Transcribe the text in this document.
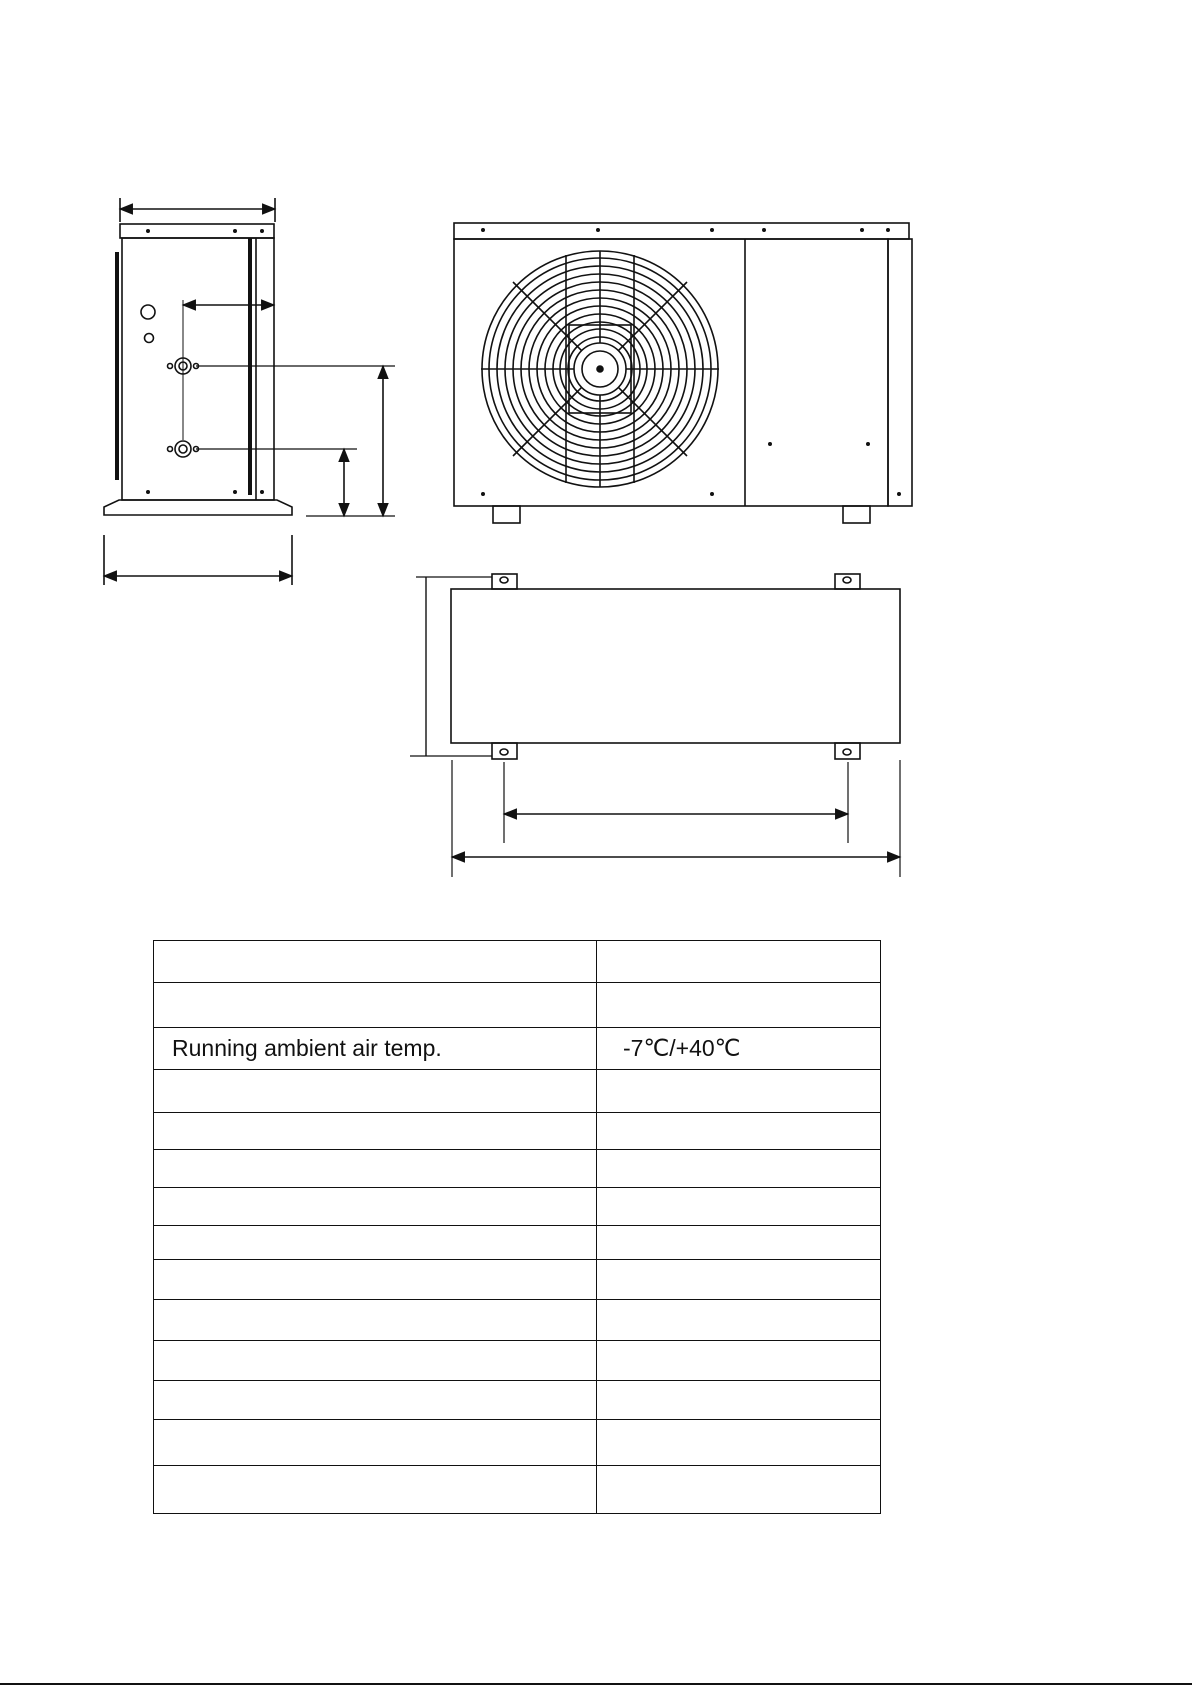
Running ambient air temp.	-7℃/+40℃
